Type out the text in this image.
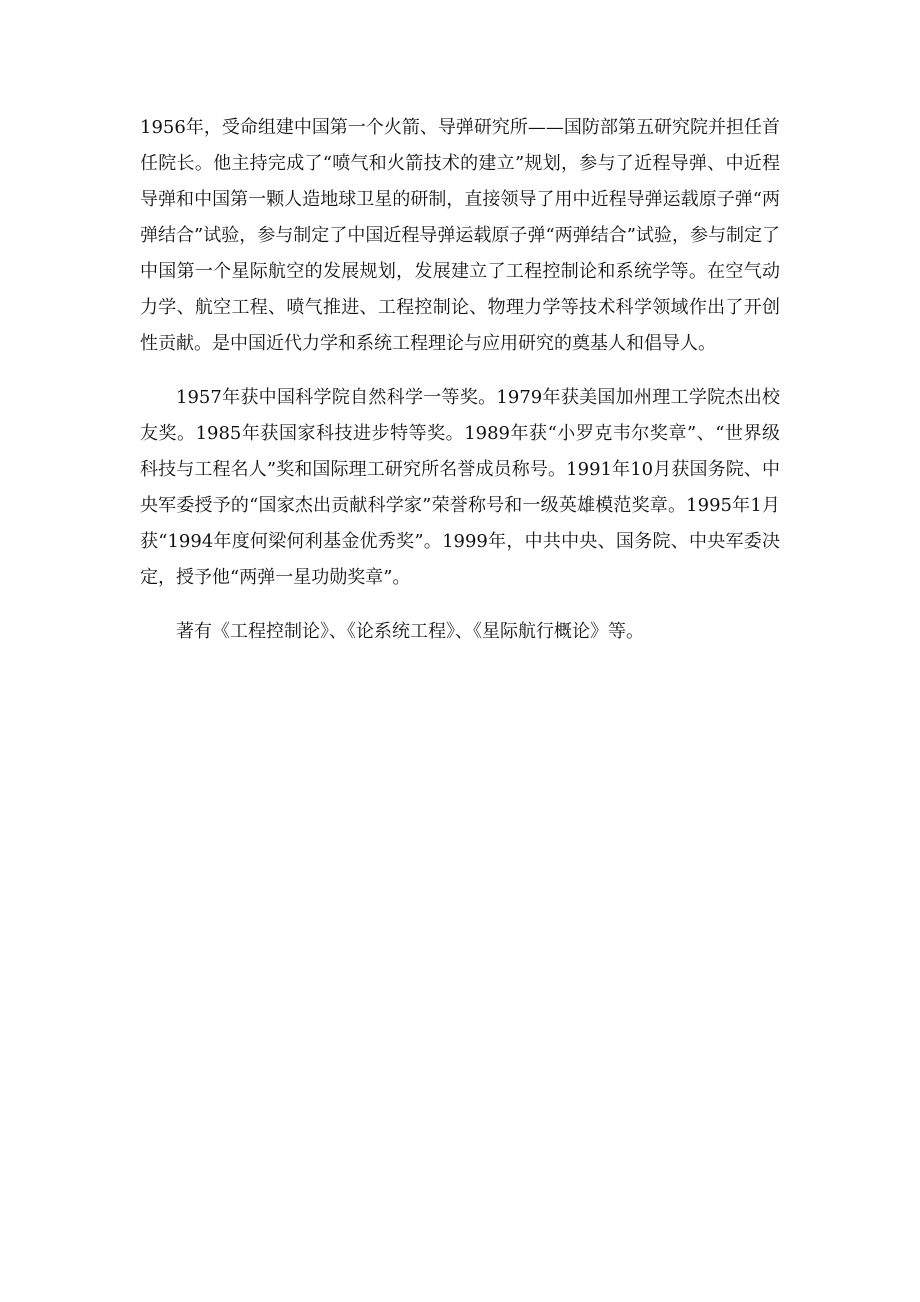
1956年，受命组建中国第一个火箭、导弹研究所——国防部第五研究院并担任首任院长。他主持完成了“喷气和火箭技术的建立”规划，参与了近程导弹、中近程导弹和中国第一颗人造地球卫星的研制，直接领导了用中近程导弹运载原子弹“两弹结合”试验，参与制定了中国近程导弹运载原子弹“两弹结合”试验，参与制定了中国第一个星际航空的发展规划，发展建立了工程控制论和系统学等。在空气动力学、航空工程、喷气推进、工程控制论、物理力学等技术科学领域作出了开创性贡献。是中国近代力学和系统工程理论与应用研究的奠基人和倡导人。

1957年获中国科学院自然科学一等奖。1979年获美国加州理工学院杰出校友奖。1985年获国家科技进步特等奖。1989年获“小罗克韦尔奖章”、“世界级科技与工程名人”奖和国际理工研究所名誉成员称号。1991年10月获国务院、中央军委授予的“国家杰出贡献科学家”荣誉称号和一级英雄模范奖章。1995年1月获“1994年度何梁何利基金优秀奖”。1999年，中共中央、国务院、中央军委决定，授予他“两弹一星功勋奖章”。

著有《工程控制论》、《论系统工程》、《星际航行概论》等。
